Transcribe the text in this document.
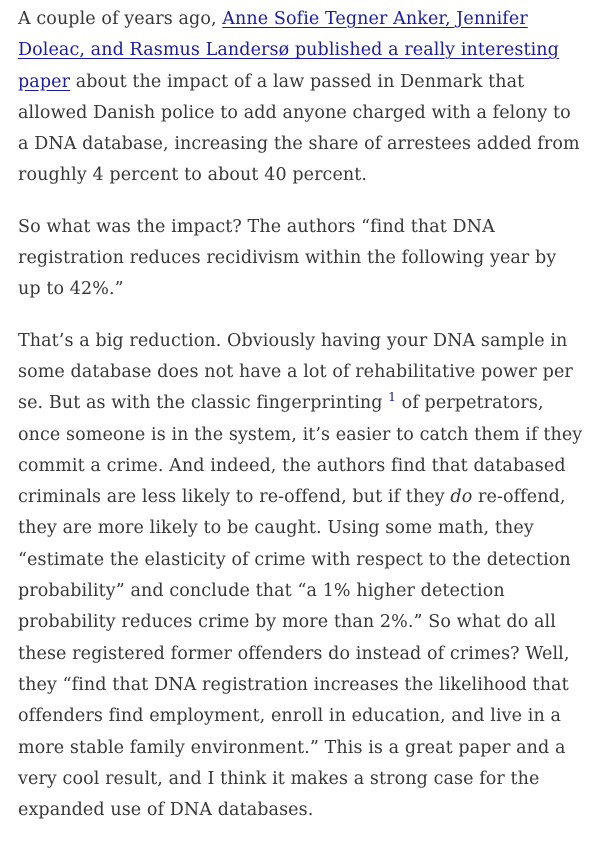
A couple of years ago, Anne Sofie Tegner Anker, Jennifer Doleac, and Rasmus Landersø published a really interesting paper about the impact of a law passed in Denmark that allowed Danish police to add anyone charged with a felony to a DNA database, increasing the share of arrestees added from roughly 4 percent to about 40 percent.

So what was the impact? The authors “find that DNA registration reduces recidivism within the following year by up to 42%.”

That’s a big reduction. Obviously having your DNA sample in some database does not have a lot of rehabilitative power per se. But as with the classic fingerprinting $^1$ of perpetrators, once someone is in the system, it’s easier to catch them if they commit a crime. And indeed, the authors find that databased criminals are less likely to re-offend, but if they do re-offend, they are more likely to be caught. Using some math, they “estimate the elasticity of crime with respect to the detection probability” and conclude that “a 1% higher detection probability reduces crime by more than 2%.” So what do all these registered former offenders do instead of crimes? Well, they “find that DNA registration increases the likelihood that offenders find employment, enroll in education, and live in a more stable family environment.” This is a great paper and a very cool result, and I think it makes a strong case for the expanded use of DNA databases.
